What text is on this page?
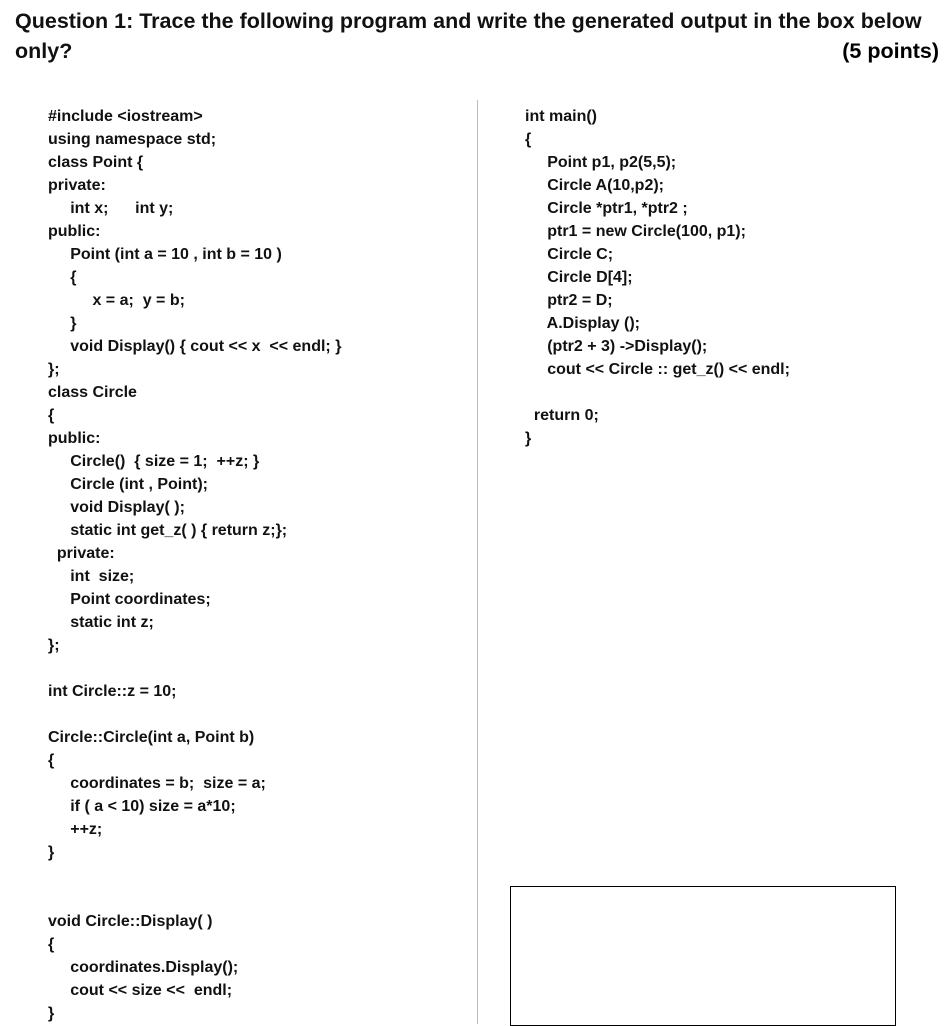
Question 1: Trace the following program and write the generated output in the box below only?	(5 points)
#include <iostream>
using namespace std;
class Point {
private:
int x;      int y;
public:
Point (int a = 10 , int b = 10 )
{
x = a;  y = b;
}
void Display() { cout << x  << endl; }
};
class Circle
{
public:
Circle()  { size = 1;  ++z; }
Circle (int , Point);
void Display( );
static int get_z( ) { return z;};
private:
int  size;
Point coordinates;
static int z;
};
int Circle::z = 10;
Circle::Circle(int a, Point b)
{
coordinates = b;  size = a;
if ( a < 10) size = a*10;
++z;
}
void Circle::Display( )
{
coordinates.Display();
cout << size <<  endl;
}
int main()
{
Point p1, p2(5,5);
Circle A(10,p2);
Circle *ptr1, *ptr2 ;
ptr1 = new Circle(100, p1);
Circle C;
Circle D[4];
ptr2 = D;
A.Display ();
(ptr2 + 3) ->Display();
cout << Circle :: get_z() << endl;
return 0;
}
